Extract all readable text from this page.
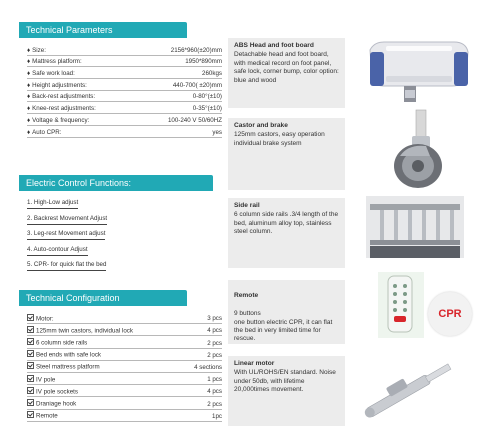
Technical Parameters
♦ Size:	2156*960(±20)mm
♦ Mattress platform:	1950*890mm
♦ Safe work load:	260kgs
♦ Height adjustments:	440-700( ±20)mm
♦ Back-rest adjustments:	0-80°(±10)
♦ Knee-rest adjustments:	0-35°(±10)
♦ Voltage & frequency:	100-240 V 50/60HZ
♦ Auto CPR:	yes
Electric Control Functions:
1. High-Low adjust
2. Backrest Movement Adjust
3. Leg-rest Movement adjust
4. Auto-contour Adjust
5. CPR- for quick flat the bed
Technical Configuration
Motor:	3 pcs
125mm twin castors, individual lock	4 pcs
6 column side rails	2 pcs
Bed ends with safe lock	2 pcs
Steel mattress platform	4 sections
IV pole	1 pcs
IV pole sockets	4 pcs
Draniage hook	2 pcs
Remote	1pc
ABS Head and foot board
Detachable head and foot board, with medical record on foot panel, safe lock, corner bump, color option: blue and wood
Castor and brake
125mm castors, easy operation individual brake system
Side rail
6 column side rails .3/4 length of the bed, aluminum alloy top, stainless steel column.

Remote

9 buttons
one button electric CPR, it can flat the bed in very limited time for rescue.

Linear motor
With UL/ROHS/EN standard. Noise under 50db, with lifetime 20,000times movement.
CPR
